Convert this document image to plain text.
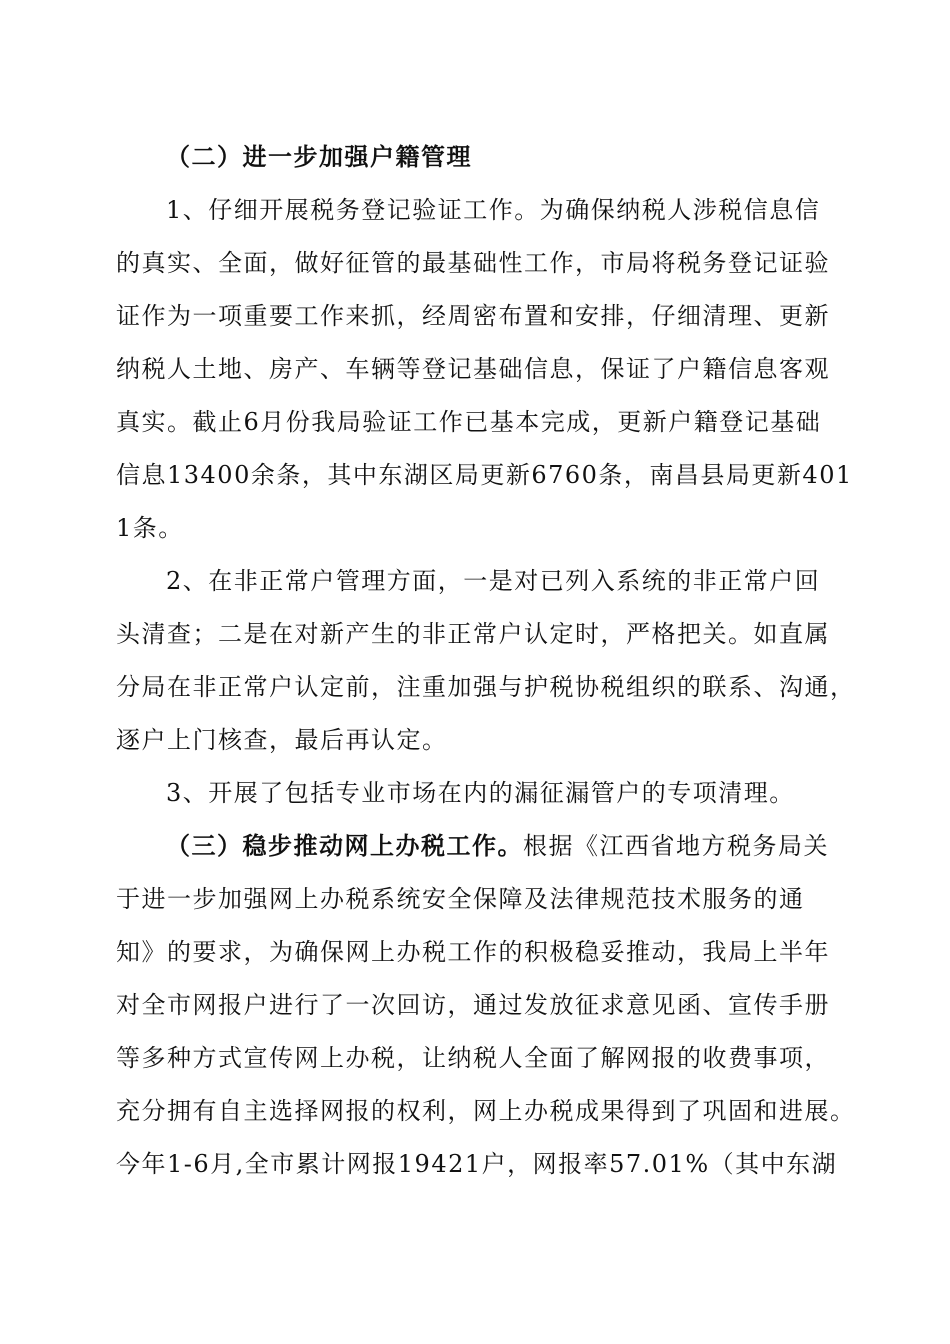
（二）进一步加强户籍管理
1、仔细开展税务登记验证工作。为确保纳税人涉税信息信
的真实、全面，做好征管的最基础性工作，市局将税务登记证验
证作为一项重要工作来抓，经周密布置和安排，仔细清理、更新
纳税人土地、房产、车辆等登记基础信息，保证了户籍信息客观
真实。截止6月份我局验证工作已基本完成，更新户籍登记基础
信息13400余条，其中东湖区局更新6760条，南昌县局更新401
1条。
2、在非正常户管理方面，一是对已列入系统的非正常户回
头清查；二是在对新产生的非正常户认定时，严格把关。如直属
分局在非正常户认定前，注重加强与护税协税组织的联系、沟通，
逐户上门核查，最后再认定。
3、开展了包括专业市场在内的漏征漏管户的专项清理。
（三）稳步推动网上办税工作。根据《江西省地方税务局关
于进一步加强网上办税系统安全保障及法律规范技术服务的通
知》的要求，为确保网上办税工作的积极稳妥推动，我局上半年
对全市网报户进行了一次回访，通过发放征求意见函、宣传手册
等多种方式宣传网上办税，让纳税人全面了解网报的收费事项，
充分拥有自主选择网报的权利，网上办税成果得到了巩固和进展。
今年1-6月,全市累计网报19421户，网报率57.01%（其中东湖
